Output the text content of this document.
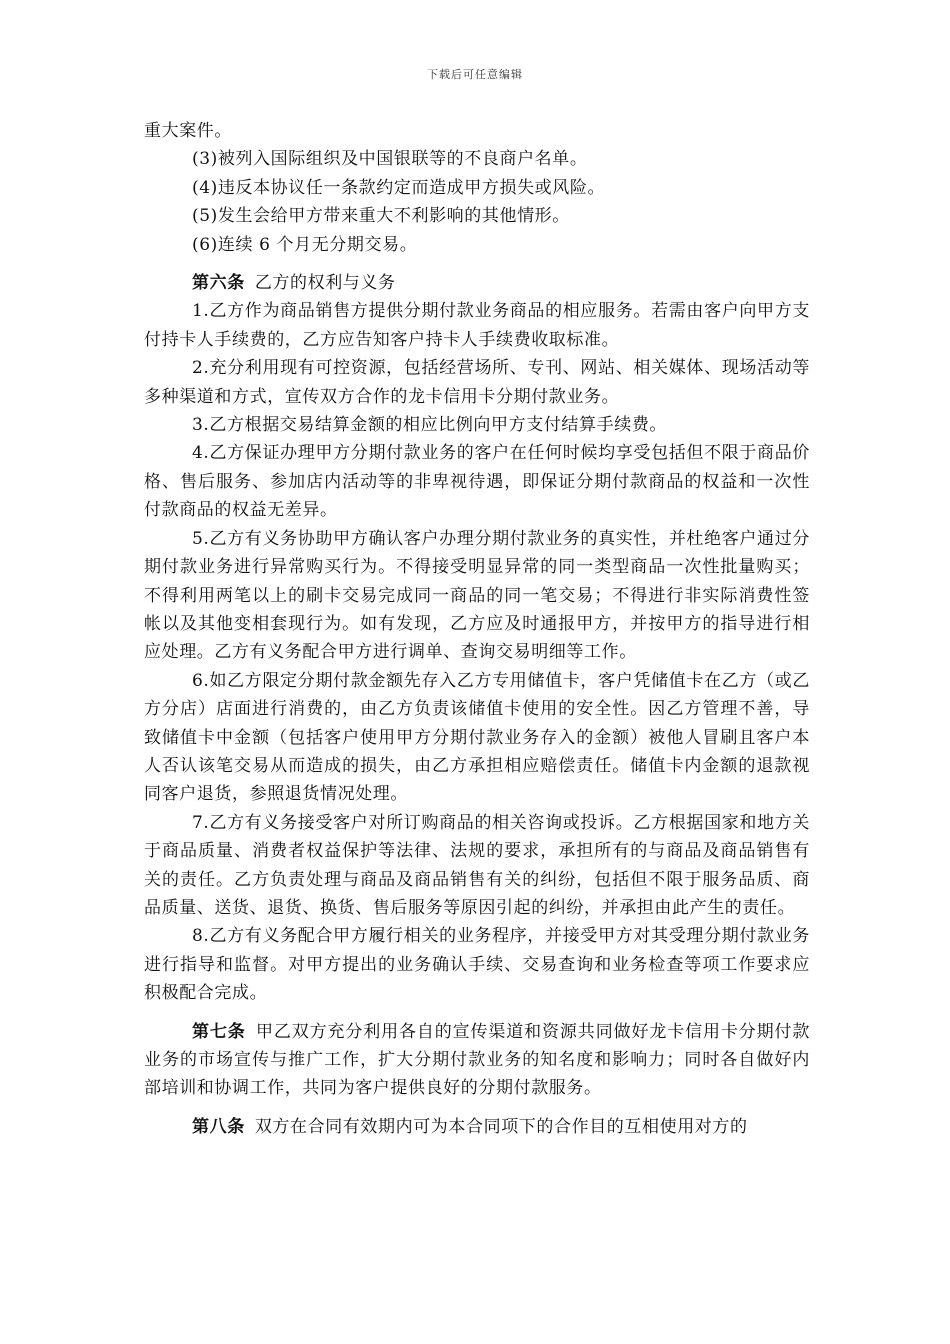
下载后可任意编辑

重大案件。

(3)被列入国际组织及中国银联等的不良商户名单。

(4)违反本协议任一条款约定而造成甲方损失或风险。

(5)发生会给甲方带来重大不利影响的其他情形。

(6)连续 6 个月无分期交易。

第六条 乙方的权利与义务

1.乙方作为商品销售方提供分期付款业务商品的相应服务。若需由客户向甲方支付持卡人手续费的，乙方应告知客户持卡人手续费收取标准。

2.充分利用现有可控资源，包括经营场所、专刊、网站、相关媒体、现场活动等多种渠道和方式，宣传双方合作的龙卡信用卡分期付款业务。

3.乙方根据交易结算金额的相应比例向甲方支付结算手续费。

4.乙方保证办理甲方分期付款业务的客户在任何时候均享受包括但不限于商品价格、售后服务、参加店内活动等的非卑视待遇，即保证分期付款商品的权益和一次性付款商品的权益无差异。

5.乙方有义务协助甲方确认客户办理分期付款业务的真实性，并杜绝客户通过分期付款业务进行异常购买行为。不得接受明显异常的同一类型商品一次性批量购买；不得利用两笔以上的刷卡交易完成同一商品的同一笔交易；不得进行非实际消费性签帐以及其他变相套现行为。如有发现，乙方应及时通报甲方，并按甲方的指导进行相应处理。乙方有义务配合甲方进行调单、查询交易明细等工作。

6.如乙方限定分期付款金额先存入乙方专用储值卡，客户凭储值卡在乙方（或乙方分店）店面进行消费的，由乙方负责该储值卡使用的安全性。因乙方管理不善，导致储值卡中金额（包括客户使用甲方分期付款业务存入的金额）被他人冒刷且客户本人否认该笔交易从而造成的损失，由乙方承担相应赔偿责任。储值卡内金额的退款视同客户退货，参照退货情况处理。

7.乙方有义务接受客户对所订购商品的相关咨询或投诉。乙方根据国家和地方关于商品质量、消费者权益保护等法律、法规的要求，承担所有的与商品及商品销售有关的责任。乙方负责处理与商品及商品销售有关的纠纷，包括但不限于服务品质、商品质量、送货、退货、换货、售后服务等原因引起的纠纷，并承担由此产生的责任。

8.乙方有义务配合甲方履行相关的业务程序，并接受甲方对其受理分期付款业务进行指导和监督。对甲方提出的业务确认手续、交易查询和业务检查等项工作要求应积极配合完成。

第七条 甲乙双方充分利用各自的宣传渠道和资源共同做好龙卡信用卡分期付款业务的市场宣传与推广工作，扩大分期付款业务的知名度和影响力；同时各自做好内部培训和协调工作，共同为客户提供良好的分期付款服务。

第八条 双方在合同有效期内可为本合同项下的合作目的互相使用对方的
